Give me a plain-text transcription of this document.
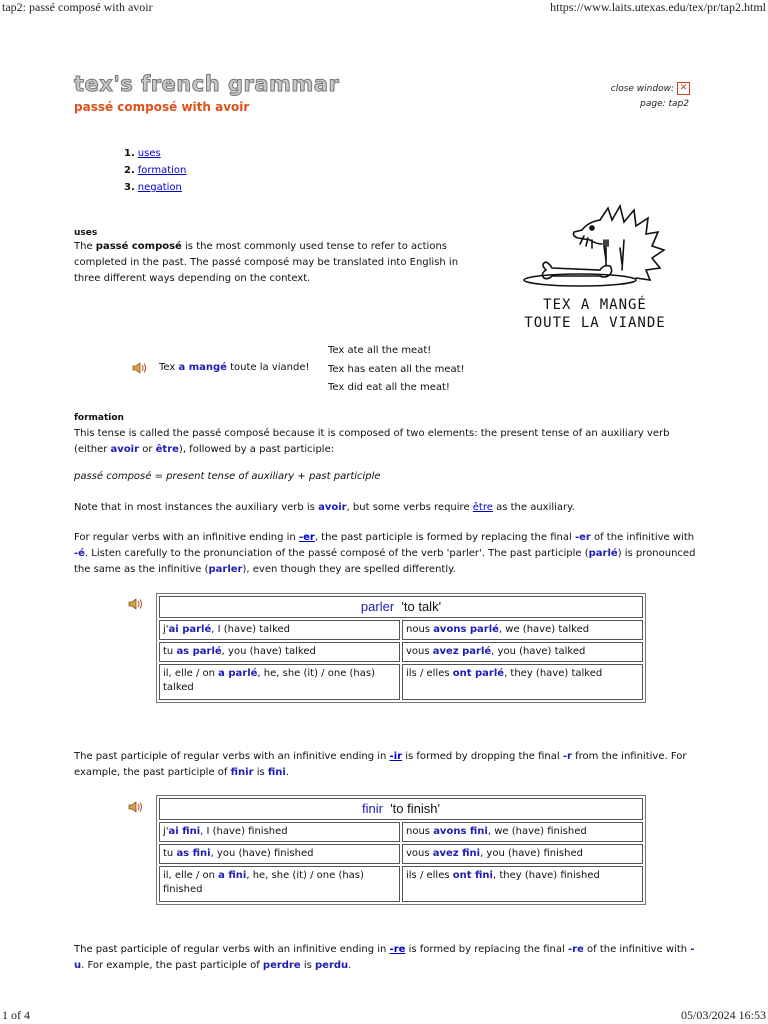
tap2: passé composé with avoir	https://www.laits.utexas.edu/tex/pr/tap2.html
tex's french grammar
passé composé with avoir
close window: ✕
page: tap2
1. uses
2. formation
3. negation
TEX A MANGÉ
TOUTE LA VIANDE
uses

The passé composé is the most commonly used tense to refer to actions completed in the past. The passé composé may be translated into English in three different ways depending on the context.

Tex a mangé toute la viande!
Tex ate all the meat!
Tex has eaten all the meat!
Tex did eat all the meat!
formation

This tense is called the passé composé because it is composed of two elements: the present tense of an auxiliary verb (either avoir or être), followed by a past participle:

passé composé = present tense of auxiliary + past participle

Note that in most instances the auxiliary verb is avoir, but some verbs require être as the auxiliary.

For regular verbs with an infinitive ending in -er, the past participle is formed by replacing the final -er of the infinitive with -é. Listen carefully to the pronunciation of the passé composé of the verb 'parler'. The past participle (parlé) is pronounced the same as the infinitive (parler), even though they are spelled differently.

parler 'to talk'	
j'ai parlé, I (have) talked	nous avons parlé, we (have) talked
tu as parlé, you (have) talked	vous avez parlé, you (have) talked
il, elle / on a parlé, he, she (it) / one (has) talked	ils / elles ont parlé, they (have) talked

The past participle of regular verbs with an infinitive ending in -ir is formed by dropping the final -r from the infinitive. For example, the past participle of finir is fini.

finir 'to finish'	
j'ai fini, I (have) finished	nous avons fini, we (have) finished
tu as fini, you (have) finished	vous avez fini, you (have) finished
il, elle / on a fini, he, she (it) / one (has) finished	ils / elles ont fini, they (have) finished

The past participle of regular verbs with an infinitive ending in -re is formed by replacing the final -re of the infinitive with -u. For example, the past participle of perdre is perdu.

1 of 4	05/03/2024 16:53
